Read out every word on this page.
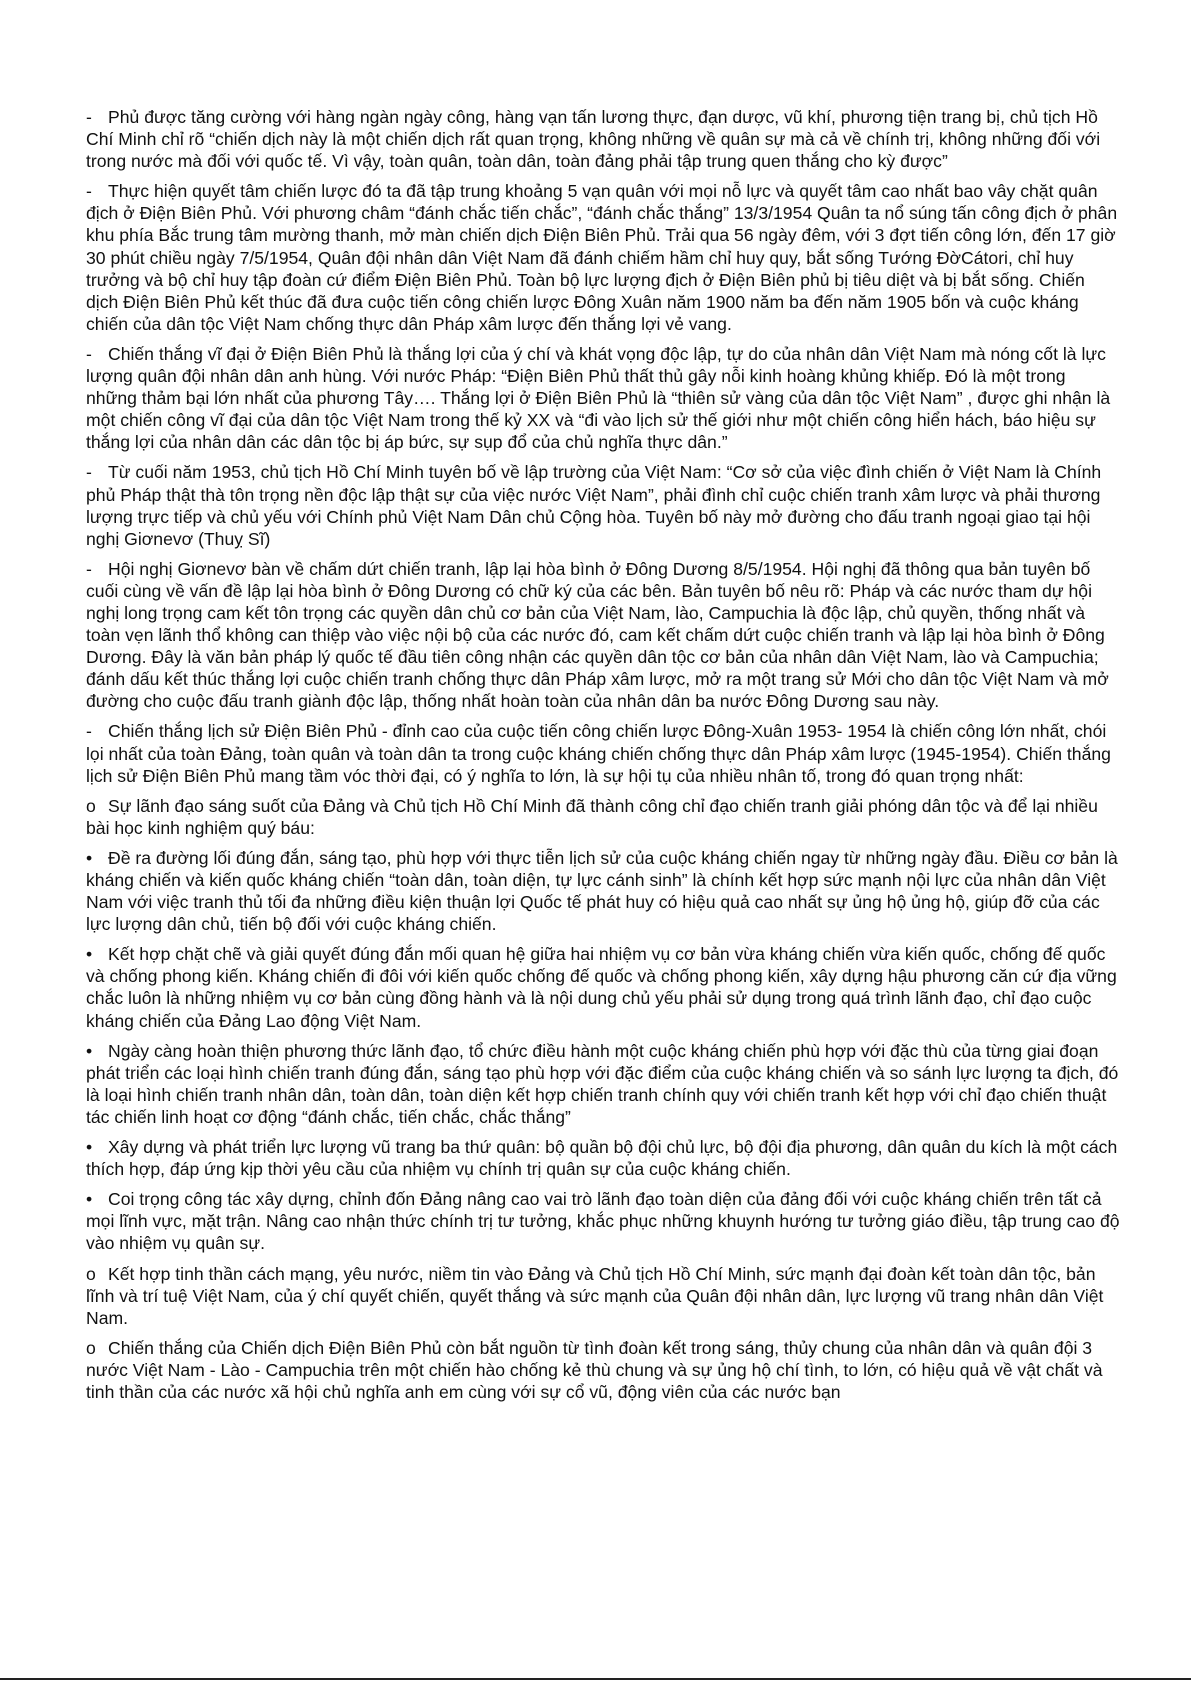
- Phủ được tăng cường với hàng ngàn ngày công, hàng vạn tấn lương thực, đạn dược, vũ khí, phương tiện trang bị, chủ tịch Hồ Chí Minh chỉ rõ “chiến dịch này là một chiến dịch rất quan trọng, không những về quân sự mà cả về chính trị, không những đối với trong nước mà đối với quốc tế. Vì vậy, toàn quân, toàn dân, toàn đảng phải tập trung quen thắng cho kỳ được”

- Thực hiện quyết tâm chiến lược đó ta đã tập trung khoảng 5 vạn quân với mọi nỗ lực và quyết tâm cao nhất bao vây chặt quân địch ở Điện Biên Phủ. Với phương châm “đánh chắc tiến chắc”, “đánh chắc thắng” 13/3/1954 Quân ta nổ súng tấn công địch ở phân khu phía Bắc trung tâm mường thanh, mở màn chiến dịch Điện Biên Phủ. Trải qua 56 ngày đêm, với 3 đợt tiến công lớn, đến 17 giờ 30 phút chiều ngày 7/5/1954, Quân đội nhân dân Việt Nam đã đánh chiếm hầm chỉ huy quy, bắt sống Tướng ĐờCátori, chỉ huy trưởng và bộ chỉ huy tập đoàn cứ điểm Điện Biên Phủ. Toàn bộ lực lượng địch ở Điện Biên phủ bị tiêu diệt và bị bắt sống. Chiến dịch Điện Biên Phủ kết thúc đã đưa cuộc tiến công chiến lược Đông Xuân năm 1900 năm ba đến năm 1905 bốn và cuộc kháng chiến của dân tộc Việt Nam chống thực dân Pháp xâm lược đến thắng lợi vẻ vang.

- Chiến thắng vĩ đại ở Điện Biên Phủ là thắng lợi của ý chí và khát vọng độc lập, tự do của nhân dân Việt Nam mà nóng cốt là lực lượng quân đội nhân dân anh hùng. Với nước Pháp: “Điện Biên Phủ thất thủ gây nỗi kinh hoàng khủng khiếp. Đó là một trong những thảm bại lớn nhất của phương Tây…. Thắng lợi ở Điện Biên Phủ là “thiên sử vàng của dân tộc Việt Nam” , được ghi nhận là một chiến công vĩ đại của dân tộc Việt Nam trong thế kỷ XX và “đi vào lịch sử thế giới như một chiến công hiển hách, báo hiệu sự thắng lợi của nhân dân các dân tộc bị áp bức, sự sụp đổ của chủ nghĩa thực dân.”

- Từ cuối năm 1953, chủ tịch Hồ Chí Minh tuyên bố về lập trường của Việt Nam: “Cơ sở của việc đình chiến ở Việt Nam là Chính phủ Pháp thật thà tôn trọng nền độc lập thật sự của việc nước Việt Nam”, phải đình chỉ cuộc chiến tranh xâm lược và phải thương lượng trực tiếp và chủ yếu với Chính phủ Việt Nam Dân chủ Cộng hòa. Tuyên bố này mở đường cho đấu tranh ngoại giao tại hội nghị Giơnevơ (Thuỵ Sĩ)

- Hội nghị Giơnevơ bàn về chấm dứt chiến tranh, lập lại hòa bình ở Đông Dương 8/5/1954. Hội nghị đã thông qua bản tuyên bố cuối cùng về vấn đề lập lại hòa bình ở Đông Dương có chữ ký của các bên. Bản tuyên bố nêu rõ: Pháp và các nước tham dự hội nghị long trọng cam kết tôn trọng các quyền dân chủ cơ bản của Việt Nam, lào, Campuchia là độc lập, chủ quyền, thống nhất và toàn vẹn lãnh thổ không can thiệp vào việc nội bộ của các nước đó, cam kết chấm dứt cuộc chiến tranh và lập lại hòa bình ở Đông Dương. Đây là văn bản pháp lý quốc tế đầu tiên công nhận các quyền dân tộc cơ bản của nhân dân Việt Nam, lào và Campuchia; đánh dấu kết thúc thắng lợi cuộc chiến tranh chống thực dân Pháp xâm lược, mở ra một trang sử Mới cho dân tộc Việt Nam và mở đường cho cuộc đấu tranh giành độc lập, thống nhất hoàn toàn của nhân dân ba nước Đông Dương sau này.

- Chiến thắng lịch sử Điện Biên Phủ - đỉnh cao của cuộc tiến công chiến lược Đông-Xuân 1953- 1954 là chiến công lớn nhất, chói lọi nhất của toàn Đảng, toàn quân và toàn dân ta trong cuộc kháng chiến chống thực dân Pháp xâm lược (1945-1954). Chiến thắng lịch sử Điện Biên Phủ mang tầm vóc thời đại, có ý nghĩa to lớn, là sự hội tụ của nhiều nhân tố, trong đó quan trọng nhất:

o Sự lãnh đạo sáng suốt của Đảng và Chủ tịch Hồ Chí Minh đã thành công chỉ đạo chiến tranh giải phóng dân tộc và để lại nhiều bài học kinh nghiệm quý báu:

• Đề ra đường lối đúng đắn, sáng tạo, phù hợp với thực tiễn lịch sử của cuộc kháng chiến ngay từ những ngày đầu. Điều cơ bản là kháng chiến và kiến quốc kháng chiến “toàn dân, toàn diện, tự lực cánh sinh” là chính kết hợp sức mạnh nội lực của nhân dân Việt Nam với việc tranh thủ tối đa những điều kiện thuận lợi Quốc tế phát huy có hiệu quả cao nhất sự ủng hộ ủng hộ, giúp đỡ của các lực lượng dân chủ, tiến bộ đối với cuộc kháng chiến.

• Kết hợp chặt chẽ và giải quyết đúng đắn mối quan hệ giữa hai nhiệm vụ cơ bản vừa kháng chiến vừa kiến quốc, chống đế quốc và chống phong kiến. Kháng chiến đi đôi với kiến quốc chống đế quốc và chống phong kiến, xây dựng hậu phương căn cứ địa vững chắc luôn là những nhiệm vụ cơ bản cùng đồng hành và là nội dung chủ yếu phải sử dụng trong quá trình lãnh đạo, chỉ đạo cuộc kháng chiến của Đảng Lao động Việt Nam.

• Ngày càng hoàn thiện phương thức lãnh đạo, tổ chức điều hành một cuộc kháng chiến phù hợp với đặc thù của từng giai đoạn phát triển các loại hình chiến tranh đúng đắn, sáng tạo phù hợp với đặc điểm của cuộc kháng chiến và so sánh lực lượng ta địch, đó là loại hình chiến tranh nhân dân, toàn dân, toàn diện kết hợp chiến tranh chính quy với chiến tranh kết hợp với chỉ đạo chiến thuật tác chiến linh hoạt cơ động “đánh chắc, tiến chắc, chắc thắng”

• Xây dựng và phát triển lực lượng vũ trang ba thứ quân: bộ quần bộ đội chủ lực, bộ đội địa phương, dân quân du kích là một cách thích hợp, đáp ứng kịp thời yêu cầu của nhiệm vụ chính trị quân sự của cuộc kháng chiến.

• Coi trọng công tác xây dựng, chỉnh đốn Đảng nâng cao vai trò lãnh đạo toàn diện của đảng đối với cuộc kháng chiến trên tất cả mọi lĩnh vực, mặt trận. Nâng cao nhận thức chính trị tư tưởng, khắc phục những khuynh hướng tư tưởng giáo điều, tập trung cao độ vào nhiệm vụ quân sự.

o Kết hợp tinh thần cách mạng, yêu nước, niềm tin vào Đảng và Chủ tịch Hồ Chí Minh, sức mạnh đại đoàn kết toàn dân tộc, bản lĩnh và trí tuệ Việt Nam, của ý chí quyết chiến, quyết thắng và sức mạnh của Quân đội nhân dân, lực lượng vũ trang nhân dân Việt Nam.

o Chiến thắng của Chiến dịch Điện Biên Phủ còn bắt nguồn từ tình đoàn kết trong sáng, thủy chung của nhân dân và quân đội 3 nước Việt Nam - Lào - Campuchia trên một chiến hào chống kẻ thù chung và sự ủng hộ chí tình, to lớn, có hiệu quả về vật chất và tinh thần của các nước xã hội chủ nghĩa anh em cùng với sự cổ vũ, động viên của các nước bạn
